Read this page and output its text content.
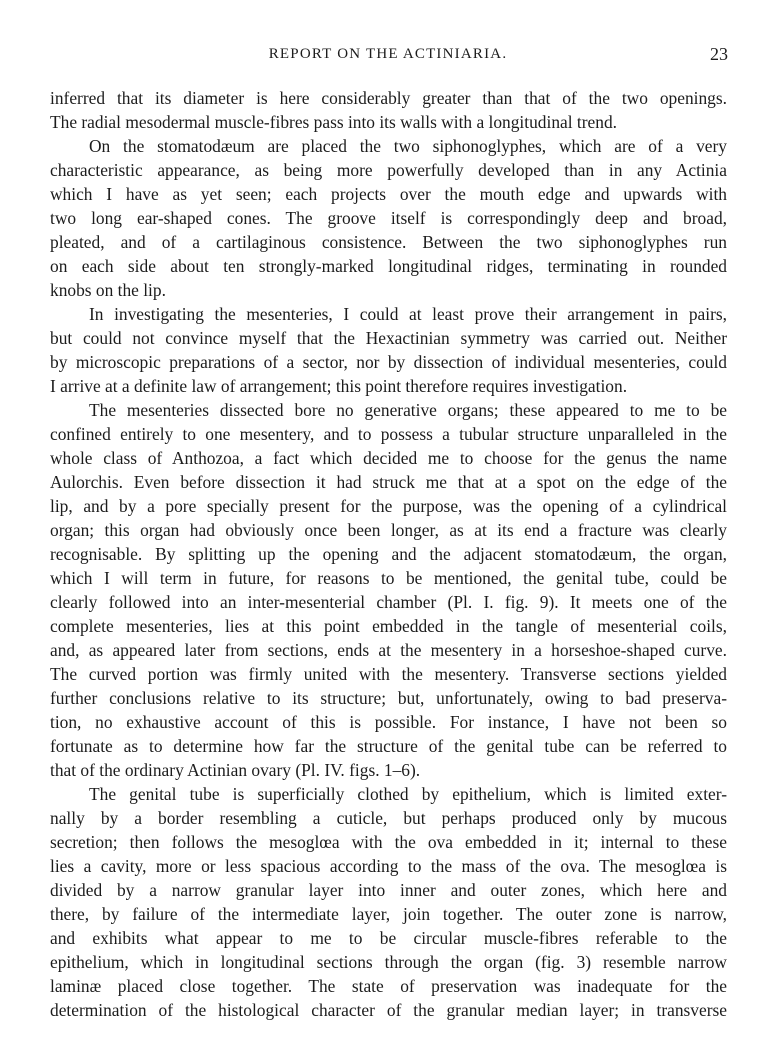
REPORT ON THE ACTINIARIA.	23
inferred that its diameter is here considerably greater than that of the two openings.
The radial mesodermal muscle-fibres pass into its walls with a longitudinal trend.
On the stomatodæum are placed the two siphonoglyphes, which are of a very
characteristic appearance, as being more powerfully developed than in any Actinia
which I have as yet seen; each projects over the mouth edge and upwards with
two long ear-shaped cones. The groove itself is correspondingly deep and broad,
pleated, and of a cartilaginous consistence. Between the two siphonoglyphes run
on each side about ten strongly-marked longitudinal ridges, terminating in rounded
knobs on the lip.
In investigating the mesenteries, I could at least prove their arrangement in pairs,
but could not convince myself that the Hexactinian symmetry was carried out. Neither
by microscopic preparations of a sector, nor by dissection of individual mesenteries, could
I arrive at a definite law of arrangement; this point therefore requires investigation.
The mesenteries dissected bore no generative organs; these appeared to me to be
confined entirely to one mesentery, and to possess a tubular structure unparalleled in the
whole class of Anthozoa, a fact which decided me to choose for the genus the name
Aulorchis. Even before dissection it had struck me that at a spot on the edge of the
lip, and by a pore specially present for the purpose, was the opening of a cylindrical
organ; this organ had obviously once been longer, as at its end a fracture was clearly
recognisable. By splitting up the opening and the adjacent stomatodæum, the organ,
which I will term in future, for reasons to be mentioned, the genital tube, could be
clearly followed into an inter-mesenterial chamber (Pl. I. fig. 9). It meets one of the
complete mesenteries, lies at this point embedded in the tangle of mesenterial coils,
and, as appeared later from sections, ends at the mesentery in a horseshoe-shaped curve.
The curved portion was firmly united with the mesentery. Transverse sections yielded
further conclusions relative to its structure; but, unfortunately, owing to bad preserva-
tion, no exhaustive account of this is possible. For instance, I have not been so
fortunate as to determine how far the structure of the genital tube can be referred to
that of the ordinary Actinian ovary (Pl. IV. figs. 1–6).
The genital tube is superficially clothed by epithelium, which is limited exter-
nally by a border resembling a cuticle, but perhaps produced only by mucous
secretion; then follows the mesoglœa with the ova embedded in it; internal to these
lies a cavity, more or less spacious according to the mass of the ova. The mesoglœa is
divided by a narrow granular layer into inner and outer zones, which here and
there, by failure of the intermediate layer, join together. The outer zone is narrow,
and exhibits what appear to me to be circular muscle-fibres referable to the
epithelium, which in longitudinal sections through the organ (fig. 3) resemble narrow
laminæ placed close together. The state of preservation was inadequate for the
determination of the histological character of the granular median layer; in transverse
